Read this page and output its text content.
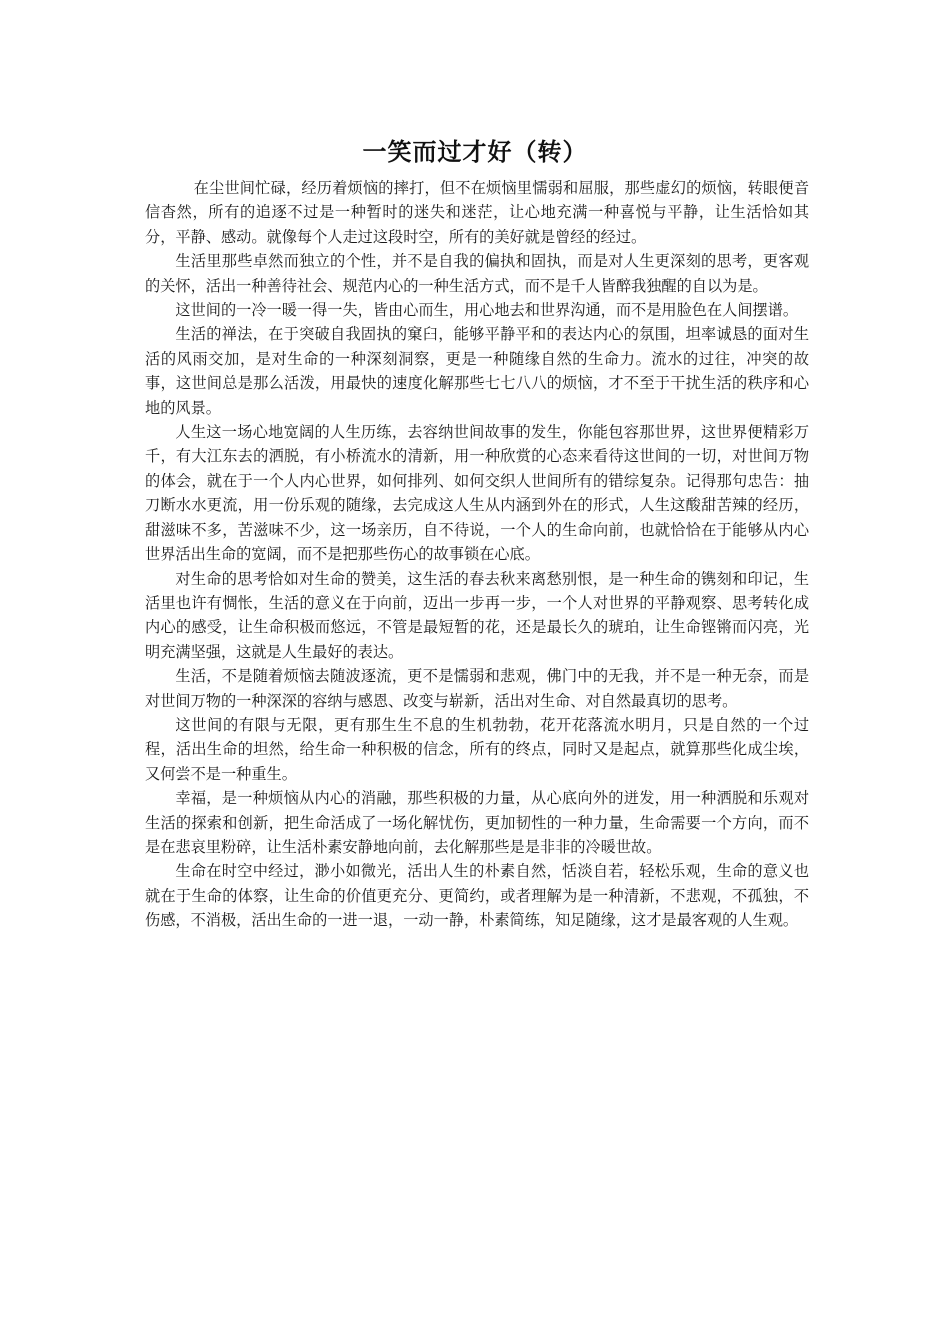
一笑而过才好（转）

在尘世间忙碌，经历着烦恼的摔打，但不在烦恼里懦弱和屈服，那些虚幻的烦恼，转眼便音信杳然，所有的追逐不过是一种暂时的迷失和迷茫，让心地充满一种喜悦与平静，让生活恰如其分，平静、感动。就像每个人走过这段时空，所有的美好就是曾经的经过。

生活里那些卓然而独立的个性，并不是自我的偏执和固执，而是对人生更深刻的思考，更客观的关怀，活出一种善待社会、规范内心的一种生活方式，而不是千人皆醉我独醒的自以为是。

这世间的一冷一暖一得一失，皆由心而生，用心地去和世界沟通，而不是用脸色在人间摆谱。

生活的禅法，在于突破自我固执的窠臼，能够平静平和的表达内心的氛围，坦率诚恳的面对生活的风雨交加，是对生命的一种深刻洞察，更是一种随缘自然的生命力。流水的过往，冲突的故事，这世间总是那么活泼，用最快的速度化解那些七七八八的烦恼，才不至于干扰生活的秩序和心地的风景。

人生这一场心地宽阔的人生历练，去容纳世间故事的发生，你能包容那世界，这世界便精彩万千，有大江东去的洒脱，有小桥流水的清新，用一种欣赏的心态来看待这世间的一切，对世间万物的体会，就在于一个人内心世界，如何排列、如何交织人世间所有的错综复杂。记得那句忠告：抽刀断水水更流，用一份乐观的随缘，去完成这人生从内涵到外在的形式，人生这酸甜苦辣的经历，甜滋味不多，苦滋味不少，这一场亲历，自不待说，一个人的生命向前，也就恰恰在于能够从内心世界活出生命的宽阔，而不是把那些伤心的故事锁在心底。

对生命的思考恰如对生命的赞美，这生活的春去秋来离愁别恨，是一种生命的镌刻和印记，生活里也许有惆怅，生活的意义在于向前，迈出一步再一步，一个人对世界的平静观察、思考转化成内心的感受，让生命积极而悠远，不管是最短暂的花，还是最长久的琥珀，让生命铿锵而闪亮，光明充满坚强，这就是人生最好的表达。

生活，不是随着烦恼去随波逐流，更不是懦弱和悲观，佛门中的无我，并不是一种无奈，而是对世间万物的一种深深的容纳与感恩、改变与崭新，活出对生命、对自然最真切的思考。

这世间的有限与无限，更有那生生不息的生机勃勃，花开花落流水明月，只是自然的一个过程，活出生命的坦然，给生命一种积极的信念，所有的终点，同时又是起点，就算那些化成尘埃，又何尝不是一种重生。

幸福，是一种烦恼从内心的消融，那些积极的力量，从心底向外的迸发，用一种洒脱和乐观对生活的探索和创新，把生命活成了一场化解忧伤，更加韧性的一种力量，生命需要一个方向，而不是在悲哀里粉碎，让生活朴素安静地向前，去化解那些是是非非的冷暖世故。

生命在时空中经过，渺小如微光，活出人生的朴素自然，恬淡自若，轻松乐观，生命的意义也就在于生命的体察，让生命的价值更充分、更简约，或者理解为是一种清新，不悲观，不孤独，不伤感，不消极，活出生命的一进一退，一动一静，朴素简练，知足随缘，这才是最客观的人生观。
